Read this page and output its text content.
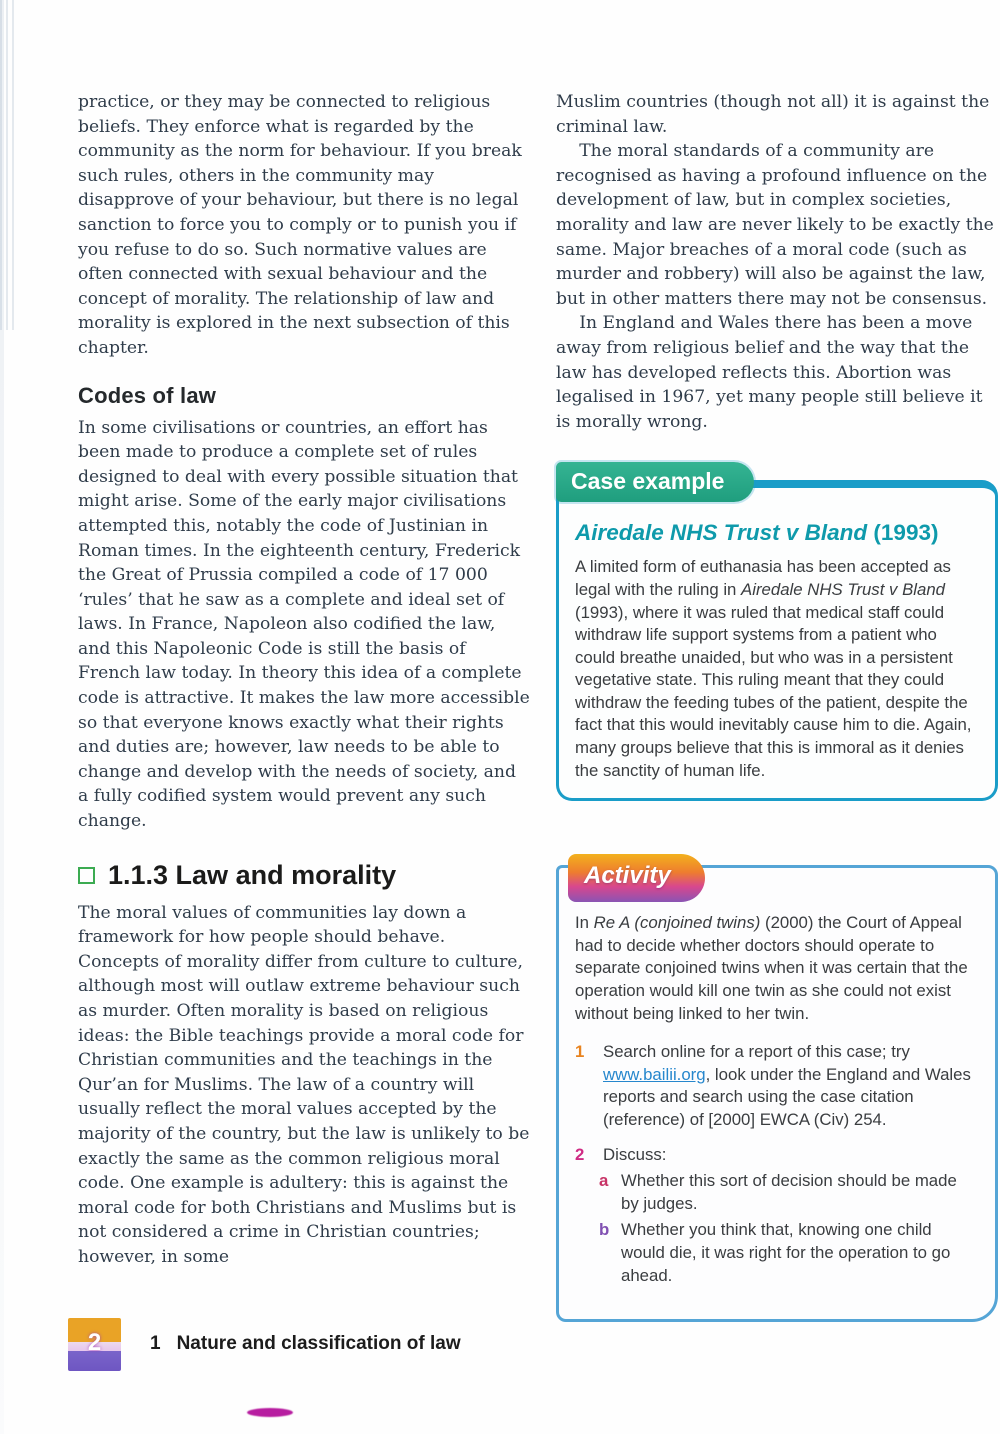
practice, or they may be connected to religious beliefs. They enforce what is regarded by the community as the norm for behaviour. If you break such rules, others in the community may disapprove of your behaviour, but there is no legal sanction to force you to comply or to punish you if you refuse to do so. Such normative values are often connected with sexual behaviour and the concept of morality. The relationship of law and morality is explored in the next subsection of this chapter.

Codes of law

In some civilisations or countries, an effort has been made to produce a complete set of rules designed to deal with every possible situation that might arise. Some of the early major civilisations attempted this, notably the code of Justinian in Roman times. In the eighteenth century, Frederick the Great of Prussia compiled a code of 17 000 ‘rules’ that he saw as a complete and ideal set of laws. In France, Napoleon also codified the law, and this Napoleonic Code is still the basis of French law today. In theory this idea of a complete code is attractive. It makes the law more accessible so that everyone knows exactly what their rights and duties are; however, law needs to be able to change and develop with the needs of society, and a fully codified system would prevent any such change.

1.1.3 Law and morality

The moral values of communities lay down a framework for how people should behave. Concepts of morality differ from culture to culture, although most will outlaw extreme behaviour such as murder. Often morality is based on religious ideas: the Bible teachings provide a moral code for Christian communities and the teachings in the Qur’an for Muslims. The law of a country will usually reflect the moral values accepted by the majority of the country, but the law is unlikely to be exactly the same as the common religious moral code. One example is adultery: this is against the moral code for both Christians and Muslims but is not considered a crime in Christian countries; however, in some

Muslim countries (though not all) it is against the criminal law.

The moral standards of a community are recognised as having a profound influence on the development of law, but in complex societies, morality and law are never likely to be exactly the same. Major breaches of a moral code (such as murder and robbery) will also be against the law, but in other matters there may not be consensus.

In England and Wales there has been a move away from religious belief and the way that the law has developed reflects this. Abortion was legalised in 1967, yet many people still believe it is morally wrong.

Case example
Airedale NHS Trust v Bland (1993)
A limited form of euthanasia has been accepted as legal with the ruling in Airedale NHS Trust v Bland (1993), where it was ruled that medical staff could withdraw life support systems from a patient who could breathe unaided, but who was in a persistent vegetative state. This ruling meant that they could withdraw the feeding tubes of the patient, despite the fact that this would inevitably cause him to die. Again, many groups believe that this is immoral as it denies the sanctity of human life.
Activity
In Re A (conjoined twins) (2000) the Court of Appeal had to decide whether doctors should operate to separate conjoined twins when it was certain that the operation would kill one twin as she could not exist without being linked to her twin.
1	Search online for a report of this case; try www.bailii.org, look under the England and Wales reports and search using the case citation (reference) of [2000] EWCA (Civ) 254.
2	Discuss:
a Whether this sort of decision should be made by judges.
b Whether you think that, knowing one child would die, it was right for the operation to go ahead.
2	1 Nature and classification of law
